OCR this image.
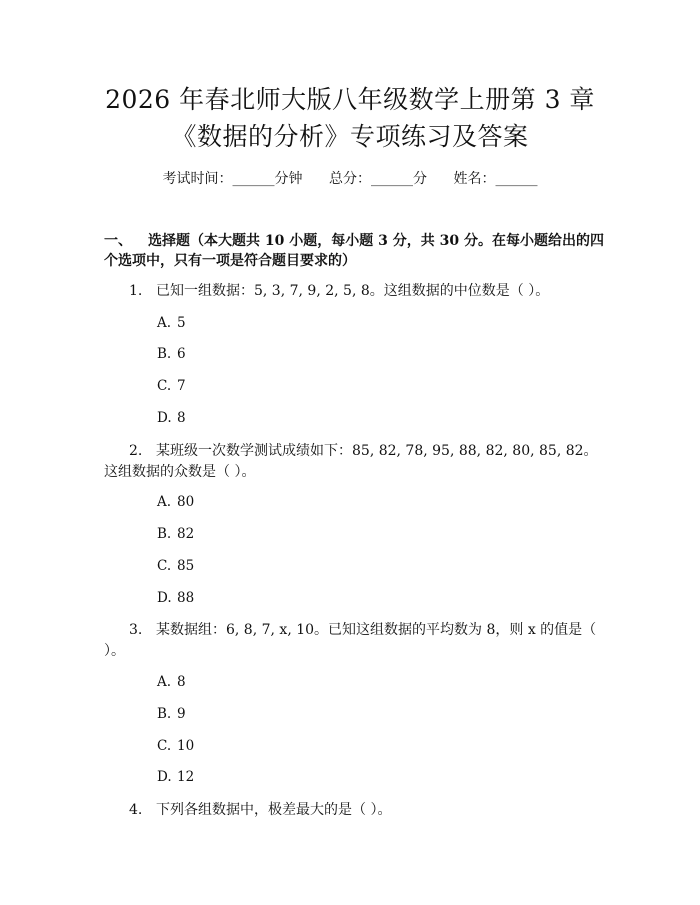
2026 年春北师大版八年级数学上册第 3 章
《数据的分析》专项练习及答案
考试时间：______分钟 总分：______分 姓名：______
一、 选择题（本大题共 10 小题，每小题 3 分，共 30 分。在每小题给出的四个选项中，只有一项是符合题目要求的）
1. 已知一组数据：5, 3, 7, 9, 2, 5, 8。这组数据的中位数是（ ）。
A. 5
B. 6
C. 7
D. 8
2. 某班级一次数学测试成绩如下：85, 82, 78, 95, 88, 82, 80, 85, 82。这组数据的众数是（ ）。
A. 80
B. 82
C. 85
D. 88
3. 某数据组：6, 8, 7, x, 10。已知这组数据的平均数为 8，则 x 的值是（ ）。
A. 8
B. 9
C. 10
D. 12
4. 下列各组数据中，极差最大的是（ ）。
